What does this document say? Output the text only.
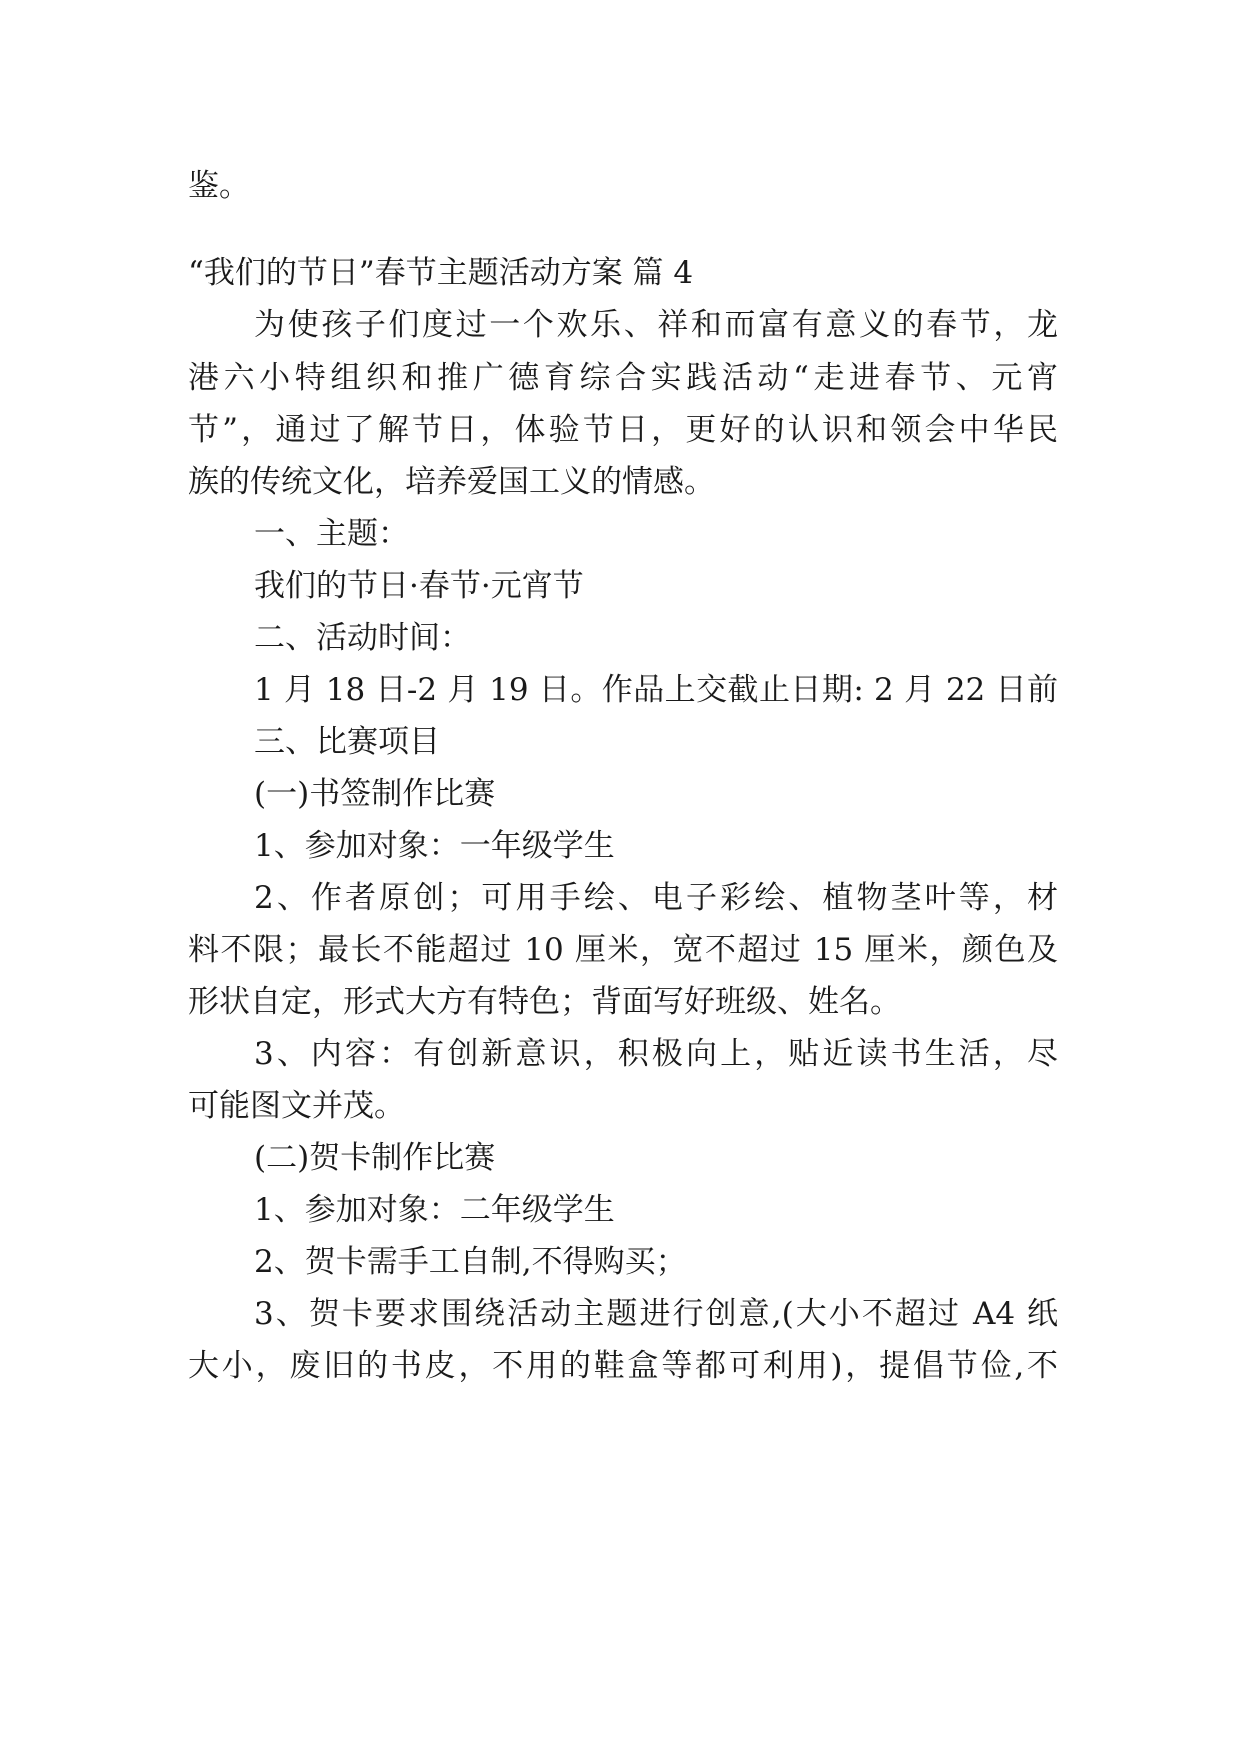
鉴。
“我们的节日”春节主题活动方案 篇 4
为使孩子们度过一个欢乐、祥和而富有意义的春节，龙
港六小特组织和推广德育综合实践活动“走进春节、元宵
节”，通过了解节日，体验节日，更好的认识和领会中华民
族的传统文化，培养爱国工义的情感。
一、主题：
我们的节日·春节·元宵节
二、活动时间：
1 月 18 日-2 月 19 日。作品上交截止日期: 2 月 22 日前
三、比赛项目
(一)书签制作比赛
1、参加对象：一年级学生
2、作者原创；可用手绘、电子彩绘、植物茎叶等，材
料不限；最长不能超过 10 厘米，宽不超过 15 厘米，颜色及
形状自定，形式大方有特色；背面写好班级、姓名。
3、内容：有创新意识，积极向上，贴近读书生活，尽
可能图文并茂。
(二)贺卡制作比赛
1、参加对象：二年级学生
2、贺卡需手工自制,不得购买；
3、贺卡要求围绕活动主题进行创意,(大小不超过 A4 纸
大小，废旧的书皮，不用的鞋盒等都可利用)，提倡节俭,不
